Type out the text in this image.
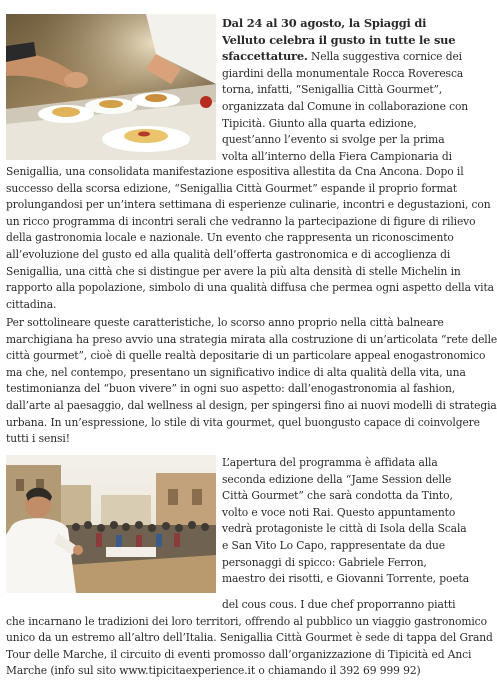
Dal 24 al 30 agosto, la Spiaggi di
Velluto celebra il gusto in tutte le sue
sfaccettature. Nella suggestiva cornice dei
giardini della monumentale Rocca Roveresca
torna, infatti, “Senigallia Città Gourmet”,
organizzata dal Comune in collaborazione con
Tipicità. Giunto alla quarta edizione,
quest’anno l’evento si svolge per la prima
volta all’interno della Fiera Campionaria di
Senigallia, una consolidata manifestazione espositiva allestita da Cna Ancona. Dopo il
successo della scorsa edizione, “Senigallia Città Gourmet” espande il proprio format
prolungandosi per un’intera settimana di esperienze culinarie, incontri e degustazioni, con
un ricco programma di incontri serali che vedranno la partecipazione di figure di rilievo
della gastronomia locale e nazionale. Un evento che rappresenta un riconoscimento
all’evoluzione del gusto ed alla qualità dell’offerta gastronomica e di accoglienza di
Senigallia, una città che si distingue per avere la più alta densità di stelle Michelin in
rapporto alla popolazione, simbolo di una qualità diffusa che permea ogni aspetto della vita
cittadina.
Per sottolineare queste caratteristiche, lo scorso anno proprio nella città balneare
marchigiana ha preso avvio una strategia mirata alla costruzione di un’articolata “rete delle
città gourmet”, cioè di quelle realtà depositarie di un particolare appeal enogastronomico
ma che, nel contempo, presentano un significativo indice di alta qualità della vita, una
testimonianza del “buon vivere” in ogni suo aspetto: dall’enogastronomia al fashion,
dall’arte al paesaggio, dal wellness al design, per spingersi fino ai nuovi modelli di strategia
urbana. In un’espressione, lo stile di vita gourmet, quel buongusto capace di coinvolgere
tutti i sensi!
L’apertura del programma è affidata alla
seconda edizione della “Jame Session delle
Città Gourmet” che sarà condotta da Tinto,
volto e voce noti Rai. Questo appuntamento
vedrà protagoniste le città di Isola della Scala
e San Vito Lo Capo, rappresentate da due
personaggi di spicco: Gabriele Ferron,
maestro dei risotti, e Giovanni Torrente, poeta
del cous cous. I due chef proporranno piatti
che incarnano le tradizioni dei loro territori, offrendo al pubblico un viaggio gastronomico
unico da un estremo all’altro dell’Italia. Senigallia Città Gourmet è sede di tappa del Grand
Tour delle Marche, il circuito di eventi promosso dall’organizzazione di Tipicità ed Anci
Marche (info sul sito www.tipicitaexperience.it o chiamando il 392 69 999 92)
